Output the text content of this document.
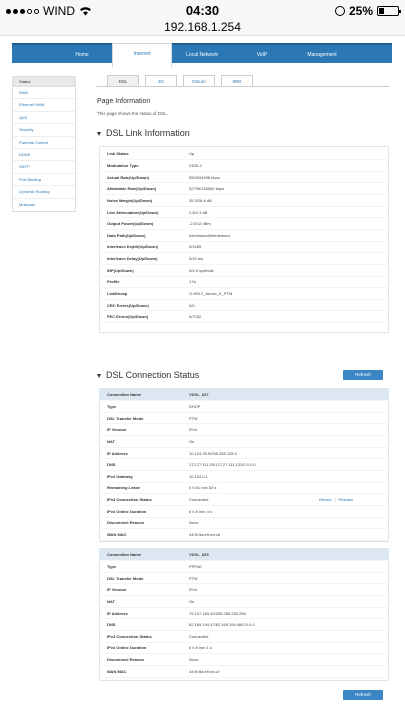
WIND	04:30	25%
192.168.1.254
Home	Internet	Local Network	VoIP	Management
Status
WAN
Ethernet WAN
QoS
Security
Parental Control
DDNS
SNTP
Port Binding
Dynamic Routing
Multicast
DSL	3G	DSLite	6RD
Page Information
This page shows the status of DSL.
DSL Link Information
Link Status	Up	
Modulation Type	VDSL2	
Actual Rate(Up/Down)	5503/54998 kbps	
Attainable Rate(Up/Down)	52796/126550 kbps	
Noise Margin(Up/Down)	35.3/26.8 dB	
Line Attenuation(Up/Down)	2.6/4.1 dB	
Output Power(Up/Down)	-2.6/12 dBm	
Data Path(Up/Down)	Interleaved/Interleaved	
Interleave Depth(Up/Down)	9/1455	
Interleave Delay(Up/Down)	0/10 ms	
INP(Up/Down)	0/4.5 symbols	
Profile	17a	
LinkEncap	G.993.2_Annex_K_PTM	
CRC Errors(Up/Down)	0/0	
FEC Errors(Up/Down)	0/7032	
Refresh
DSL Connection Status
Connection Name	VDSL_837	
Type	DHCP	
DSL Transfer Mode	PTM	
IP Version	IPv4	
NAT	On	
IP Address	10.124.39.9/255.255.128.0	
DNS	172.27.111.20/172.27.111.132/0.0.0.0	
IPv4 Gateway	10.124.0.1	
Remaining Lease	0 h 51 min 52 s	
IPv4 Connection Status	Connected	Renew | Release
IPv4 Online Duration	6 h 8 min 4 s	
Disconnect Reason	None	
WAN MAC	44:fb:5a:e9:ea:c8	
Connection Name	VDSL_835	
Type	PPPoE	
DSL Transfer Mode	PTM	
IP Version	IPv4	
NAT	On	
IP Address	79.107.183.42/255.255.255.255	
DNS	62.169.194.47/62.169.194.48/0.0.0.0	
IPv4 Connection Status	Connected	
IPv4 Online Duration	6 h 8 min 1 s	
Disconnect Reason	None	
WAN MAC	44:fb:5a:e9:ea:c7	
Refresh
